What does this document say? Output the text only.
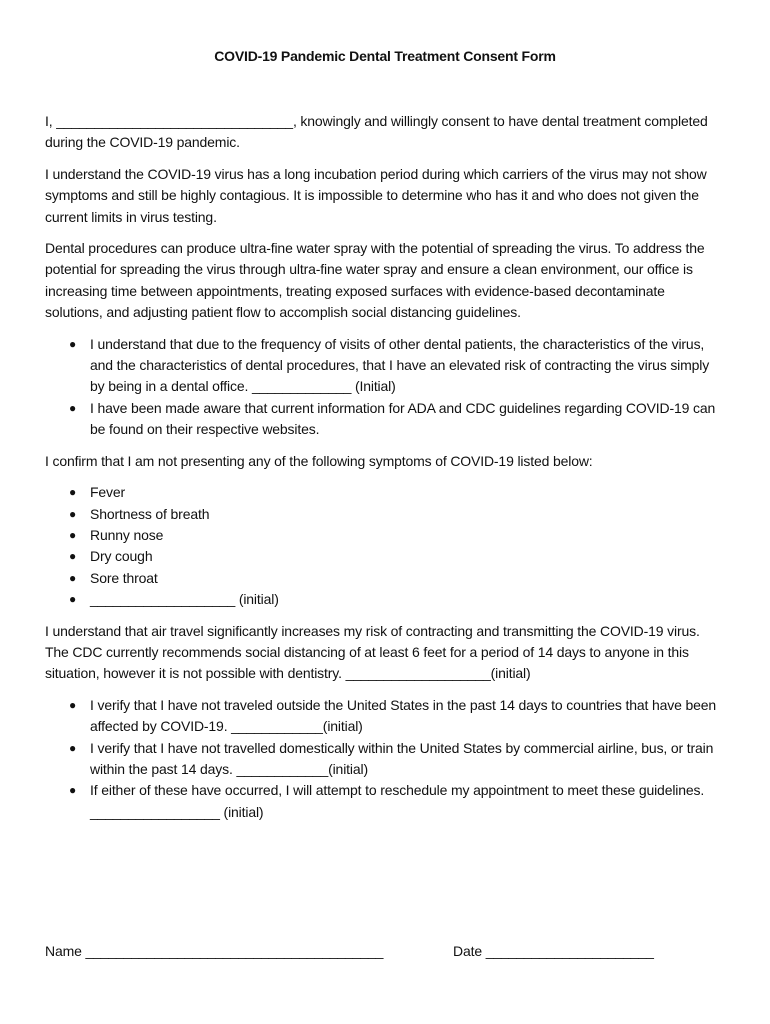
COVID-19 Pandemic Dental Treatment Consent Form

I, _______________________________, knowingly and willingly consent to have dental treatment completed during the COVID-19 pandemic.

I understand the COVID-19 virus has a long incubation period during which carriers of the virus may not show symptoms and still be highly contagious. It is impossible to determine who has it and who does not given the current limits in virus testing.

Dental procedures can produce ultra-fine water spray with the potential of spreading the virus. To address the potential for spreading the virus through ultra-fine water spray and ensure a clean environment, our office is increasing time between appointments, treating exposed surfaces with evidence-based decontaminate solutions, and adjusting patient flow to accomplish social distancing guidelines.

● I understand that due to the frequency of visits of other dental patients, the characteristics of the virus, and the characteristics of dental procedures, that I have an elevated risk of contracting the virus simply by being in a dental office. _____________ (Initial)
● I have been made aware that current information for ADA and CDC guidelines regarding COVID-19 can be found on their respective websites.

I confirm that I am not presenting any of the following symptoms of COVID-19 listed below:

● Fever
● Shortness of breath
● Runny nose
● Dry cough
● Sore throat
● ___________________ (initial)

I understand that air travel significantly increases my risk of contracting and transmitting the COVID-19 virus. The CDC currently recommends social distancing of at least 6 feet for a period of 14 days to anyone in this situation, however it is not possible with dentistry. ___________________(initial)

● I verify that I have not traveled outside the United States in the past 14 days to countries that have been affected by COVID-19. ____________(initial)
● I verify that I have not travelled domestically within the United States by commercial airline, bus, or train within the past 14 days. ____________(initial)
● If either of these have occurred, I will attempt to reschedule my appointment to meet these guidelines. _________________ (initial)
Name _______________________________________	Date ______________________
